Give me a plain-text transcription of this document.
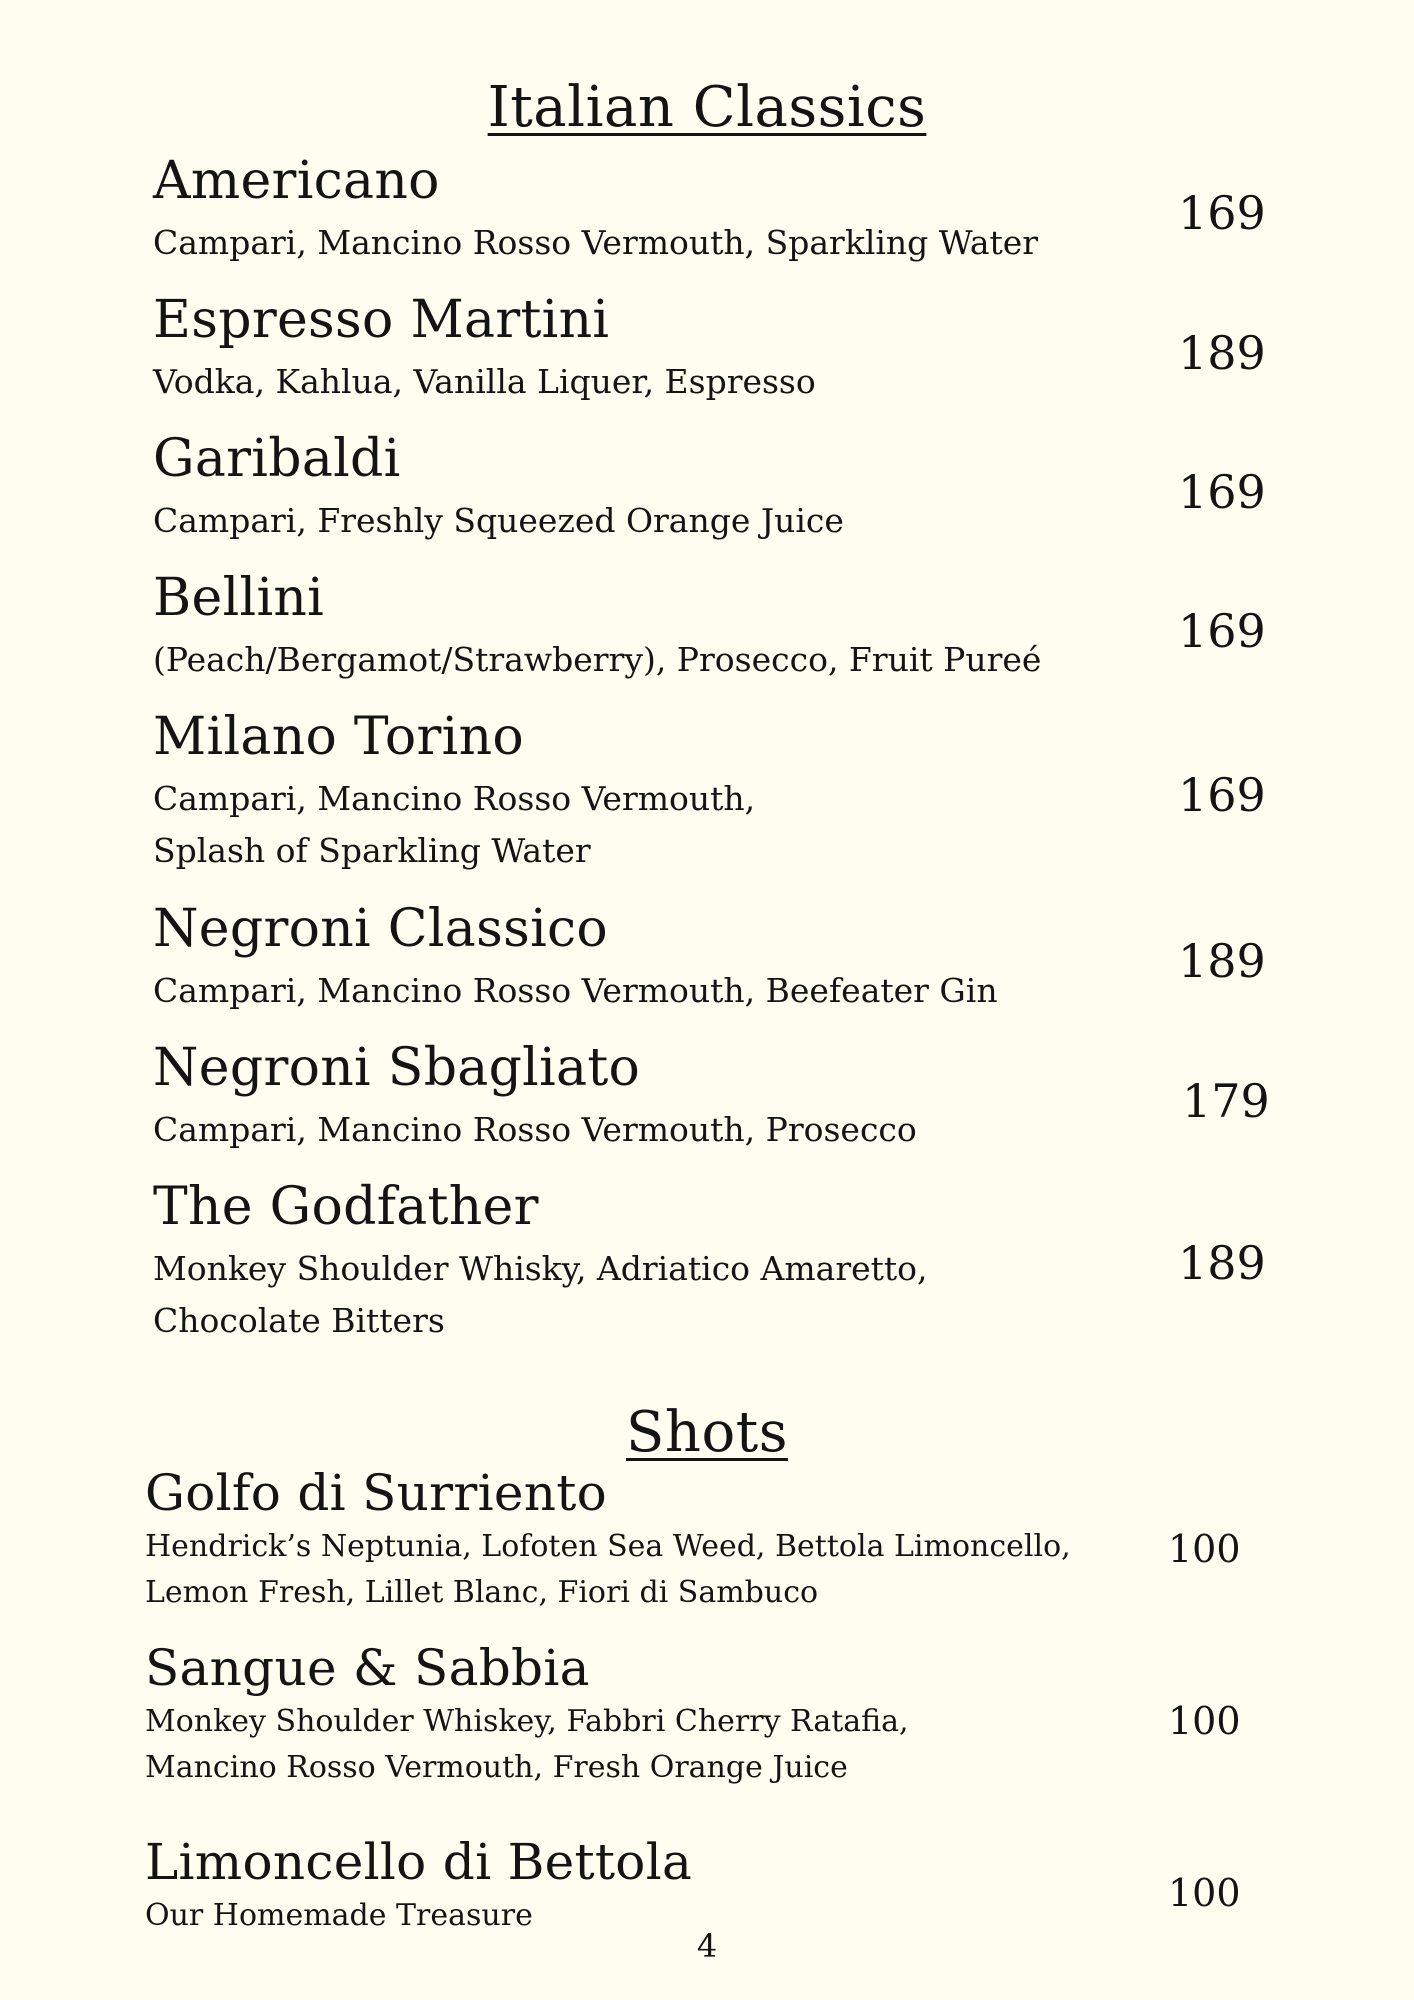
Italian Classics
Americano
Campari, Mancino Rosso Vermouth, Sparkling Water
169
Espresso Martini
Vodka, Kahlua, Vanilla Liquer, Espresso
189
Garibaldi
Campari, Freshly Squeezed Orange Juice
169
Bellini
(Peach/Bergamot/Strawberry), Prosecco, Fruit Pureé
169
Milano Torino
Campari, Mancino Rosso Vermouth,
Splash of Sparkling Water
169
Negroni Classico
Campari, Mancino Rosso Vermouth, Beefeater Gin
189
Negroni Sbagliato
Campari, Mancino Rosso Vermouth, Prosecco
179
The Godfather
Monkey Shoulder Whisky, Adriatico Amaretto,
Chocolate Bitters
189
Shots
Golfo di Surriento
Hendrick’s Neptunia, Lofoten Sea Weed, Bettola Limoncello,
Lemon Fresh, Lillet Blanc, Fiori di Sambuco
100
Sangue & Sabbia
Monkey Shoulder Whiskey, Fabbri Cherry Ratafia,
Mancino Rosso Vermouth, Fresh Orange Juice
100
Limoncello di Bettola
Our Homemade Treasure
100
4
